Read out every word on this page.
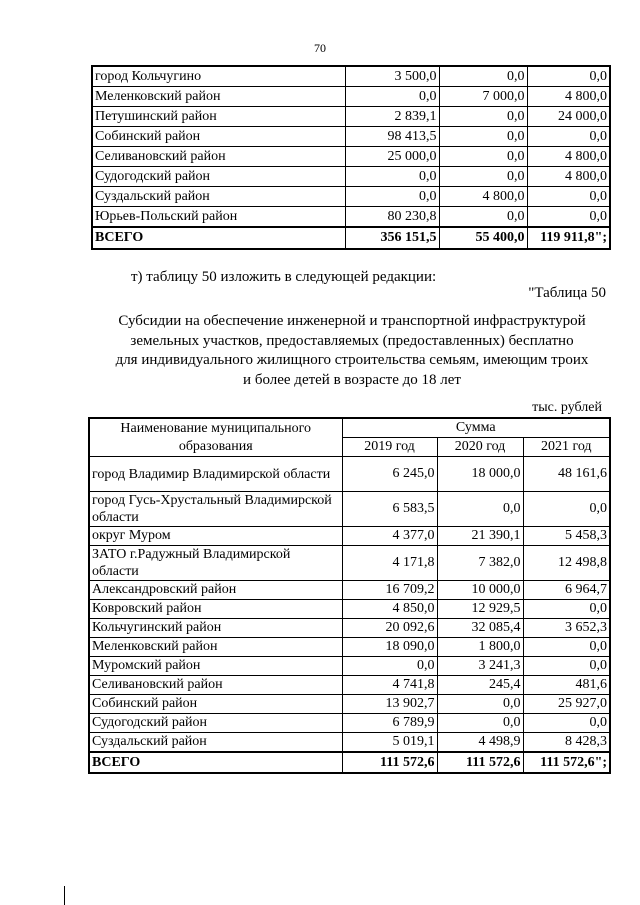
70
город Кольчугино	3 500,0	0,0	0,0
Меленковский район	0,0	7 000,0	4 800,0
Петушинский район	2 839,1	0,0	24 000,0
Собинский район	98 413,5	0,0	0,0
Селивановский район	25 000,0	0,0	4 800,0
Судогодский район	0,0	0,0	4 800,0
Суздальский район	0,0	4 800,0	0,0
Юрьев-Польский район	80 230,8	0,0	0,0
ВСЕГО	356 151,5	55 400,0	119 911,8";
т) таблицу 50 изложить в следующей редакции:
"Таблица 50
Субсидии на обеспечение инженерной и транспортной инфраструктурой
земельных участков, предоставляемых (предоставленных) бесплатно
для индивидуального жилищного строительства семьям, имеющим троих
и более детей в возрасте до 18 лет
тыс. рублей
Наименование муниципального образования	Сумма		
	2019 год	2020 год	2021 год
город Владимир Владимирской области	6 245,0	18 000,0	48 161,6
город Гусь-Хрустальный Владимирской области	6 583,5	0,0	0,0
округ Муром	4 377,0	21 390,1	5 458,3
ЗАТО г.Радужный Владимирской области	4 171,8	7 382,0	12 498,8
Александровский район	16 709,2	10 000,0	6 964,7
Ковровский район	4 850,0	12 929,5	0,0
Кольчугинский район	20 092,6	32 085,4	3 652,3
Меленковский район	18 090,0	1 800,0	0,0
Муромский район	0,0	3 241,3	0,0
Селивановский район	4 741,8	245,4	481,6
Собинский район	13 902,7	0,0	25 927,0
Судогодский район	6 789,9	0,0	0,0
Суздальский район	5 019,1	4 498,9	8 428,3
ВСЕГО	111 572,6	111 572,6	111 572,6";
